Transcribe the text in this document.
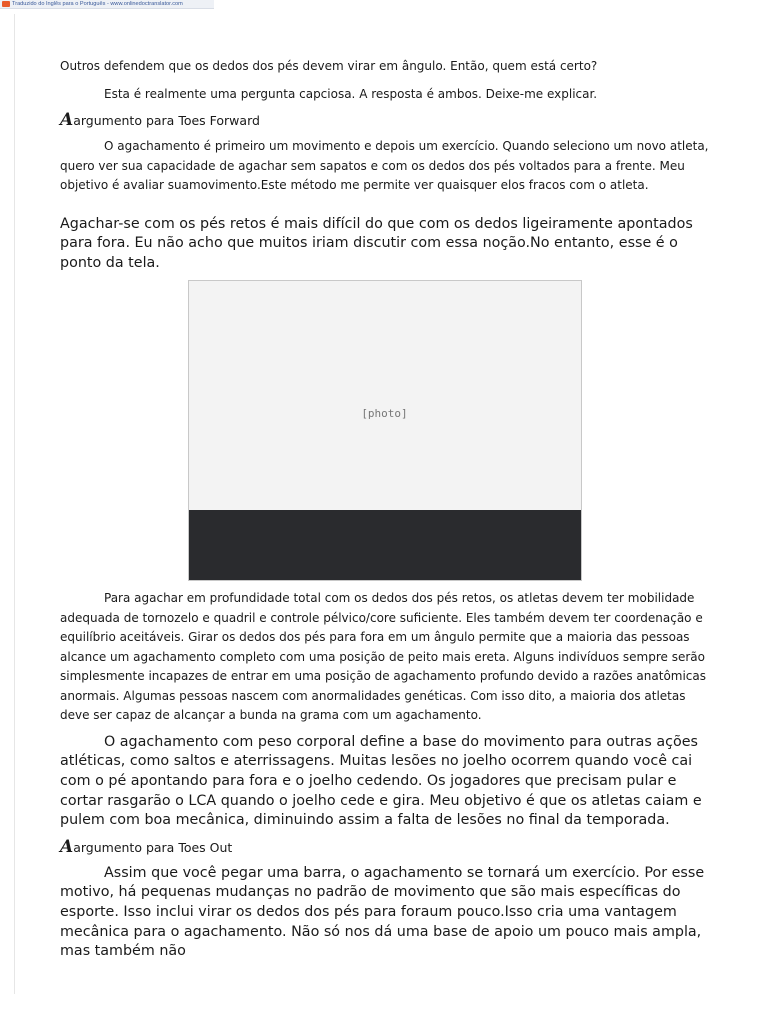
Traduzido do Inglês para o Português - www.onlinedoctranslator.com

Outros defendem que os dedos dos pés devem virar em ângulo. Então, quem está certo?

Esta é realmente uma pergunta capciosa. A resposta é ambos. Deixe-me explicar.

Aargumento para Toes Forward

O agachamento é primeiro um movimento e depois um exercício. Quando seleciono um novo atleta, quero ver sua capacidade de agachar sem sapatos e com os dedos dos pés voltados para a frente. Meu objetivo é avaliar suamovimento.Este método me permite ver quaisquer elos fracos com o atleta.

Agachar-se com os pés retos é mais difícil do que com os dedos ligeiramente apontados para fora. Eu não acho que muitos iriam discutir com essa noção.No entanto, esse é o ponto da tela.

[photo]

Para agachar em profundidade total com os dedos dos pés retos, os atletas devem ter mobilidade adequada de tornozelo e quadril e controle pélvico/core suficiente. Eles também devem ter coordenação e equilíbrio aceitáveis. Girar os dedos dos pés para fora em um ângulo permite que a maioria das pessoas alcance um agachamento completo com uma posição de peito mais ereta. Alguns indivíduos sempre serão simplesmente incapazes de entrar em uma posição de agachamento profundo devido a razões anatômicas anormais. Algumas pessoas nascem com anormalidades genéticas. Com isso dito, a maioria dos atletas deve ser capaz de alcançar a bunda na grama com um agachamento.

O agachamento com peso corporal define a base do movimento para outras ações atléticas, como saltos e aterrissagens. Muitas lesões no joelho ocorrem quando você cai com o pé apontando para fora e o joelho cedendo. Os jogadores que precisam pular e cortar rasgarão o LCA quando o joelho cede e gira. Meu objetivo é que os atletas caiam e pulem com boa mecânica, diminuindo assim a falta de lesões no final da temporada.

Aargumento para Toes Out

Assim que você pegar uma barra, o agachamento se tornará um exercício. Por esse motivo, há pequenas mudanças no padrão de movimento que são mais específicas do esporte. Isso inclui virar os dedos dos pés para foraum pouco.Isso cria uma vantagem mecânica para o agachamento. Não só nos dá uma base de apoio um pouco mais ampla, mas também não
